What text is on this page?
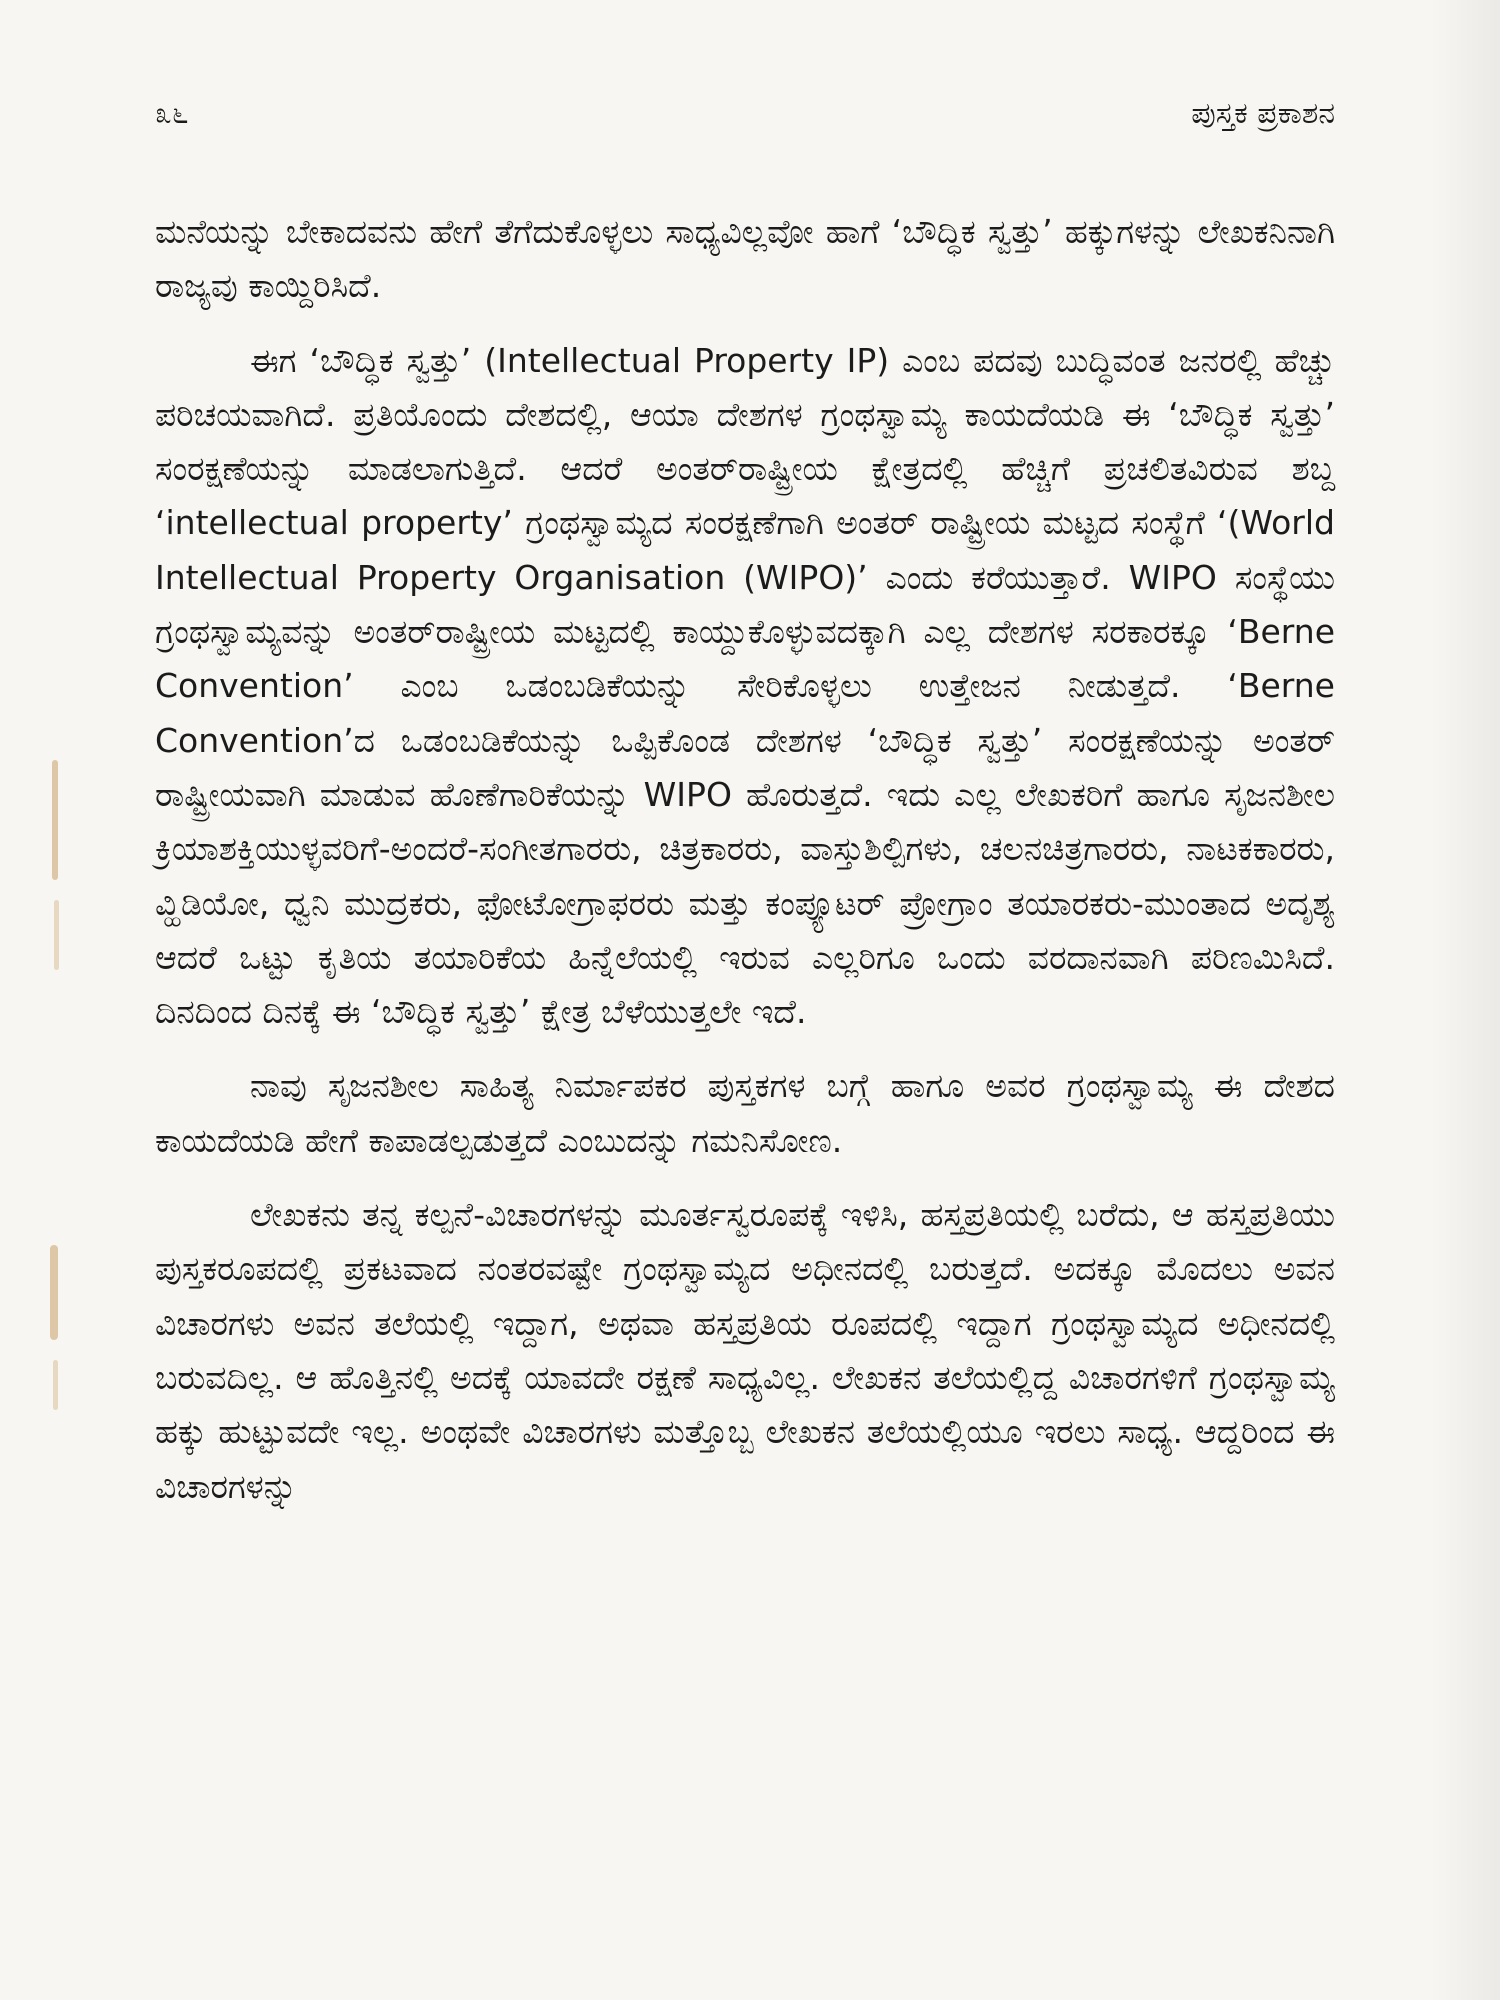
೩೬	ಪುಸ್ತಕ ಪ್ರಕಾಶನ

ಮನೆಯನ್ನು ಬೇಕಾದವನು ಹೇಗೆ ತೆಗೆದುಕೊಳ್ಳಲು ಸಾಧ್ಯವಿಲ್ಲವೋ ಹಾಗೆ ‘ಬೌದ್ಧಿಕ ಸ್ವತ್ತು’ ಹಕ್ಕುಗಳನ್ನು ಲೇಖಕನಿನಾಗಿ ರಾಜ್ಯವು ಕಾಯ್ದಿರಿಸಿದೆ.

ಈಗ ‘ಬೌದ್ಧಿಕ ಸ್ವತ್ತು’ (Intellectual Property IP) ಎಂಬ ಪದವು ಬುದ್ಧಿವಂತ ಜನರಲ್ಲಿ ಹೆಚ್ಚು ಪರಿಚಯವಾಗಿದೆ. ಪ್ರತಿಯೊಂದು ದೇಶದಲ್ಲಿ, ಆಯಾ ದೇಶಗಳ ಗ್ರಂಥಸ್ವಾಮ್ಯ ಕಾಯದೆಯಡಿ ಈ ‘ಬೌದ್ಧಿಕ ಸ್ವತ್ತು’ ಸಂರಕ್ಷಣೆಯನ್ನು ಮಾಡಲಾಗುತ್ತಿದೆ. ಆದರೆ ಅಂತರ್‌ರಾಷ್ಟ್ರೀಯ ಕ್ಷೇತ್ರದಲ್ಲಿ ಹೆಚ್ಚಿಗೆ ಪ್ರಚಲಿತವಿರುವ ಶಬ್ದ ‘intellectual property’ ಗ್ರಂಥಸ್ವಾಮ್ಯದ ಸಂರಕ್ಷಣೆಗಾಗಿ ಅಂತರ್ ರಾಷ್ಟ್ರೀಯ ಮಟ್ಟದ ಸಂಸ್ಥೆಗೆ ‘(World Intellectual Property Organisation (WIPO)’ ಎಂದು ಕರೆಯುತ್ತಾರೆ. WIPO ಸಂಸ್ಥೆಯು ಗ್ರಂಥಸ್ವಾಮ್ಯವನ್ನು ಅಂತರ್‌ರಾಷ್ಟ್ರೀಯ ಮಟ್ಟದಲ್ಲಿ ಕಾಯ್ದುಕೊಳ್ಳುವದಕ್ಕಾಗಿ ಎಲ್ಲ ದೇಶಗಳ ಸರಕಾರಕ್ಕೂ ‘Berne Convention’ ಎಂಬ ಒಡಂಬಡಿಕೆಯನ್ನು ಸೇರಿಕೊಳ್ಳಲು ಉತ್ತೇಜನ ನೀಡುತ್ತದೆ. ‘Berne Convention’ದ ಒಡಂಬಡಿಕೆಯನ್ನು ಒಪ್ಪಿಕೊಂಡ ದೇಶಗಳ ‘ಬೌದ್ಧಿಕ ಸ್ವತ್ತು’ ಸಂರಕ್ಷಣೆಯನ್ನು ಅಂತರ್ ರಾಷ್ಟ್ರೀಯವಾಗಿ ಮಾಡುವ ಹೊಣೆಗಾರಿಕೆಯನ್ನು WIPO ಹೊರುತ್ತದೆ. ಇದು ಎಲ್ಲ ಲೇಖಕರಿಗೆ ಹಾಗೂ ಸೃಜನಶೀಲ ಕ್ರಿಯಾಶಕ್ತಿಯುಳ್ಳವರಿಗೆ-ಅಂದರೆ-ಸಂಗೀತಗಾರರು, ಚಿತ್ರಕಾರರು, ವಾಸ್ತುಶಿಲ್ಪಿಗಳು, ಚಲನಚಿತ್ರಗಾರರು, ನಾಟಕಕಾರರು, ವ್ಹಿಡಿಯೋ, ಧ್ವನಿ ಮುದ್ರಕರು, ಫೋಟೋಗ್ರಾಫರರು ಮತ್ತು ಕಂಪ್ಯೂಟರ್ ಪ್ರೋಗ್ರಾಂ ತಯಾರಕರು-ಮುಂತಾದ ಅದೃಶ್ಯ ಆದರೆ ಒಟ್ಟು ಕೃತಿಯ ತಯಾರಿಕೆಯ ಹಿನ್ನೆಲೆಯಲ್ಲಿ ಇರುವ ಎಲ್ಲರಿಗೂ ಒಂದು ವರದಾನವಾಗಿ ಪರಿಣಮಿಸಿದೆ. ದಿನದಿಂದ ದಿನಕ್ಕೆ ಈ ‘ಬೌದ್ಧಿಕ ಸ್ವತ್ತು’ ಕ್ಷೇತ್ರ ಬೆಳೆಯುತ್ತಲೇ ಇದೆ.

ನಾವು ಸೃಜನಶೀಲ ಸಾಹಿತ್ಯ ನಿರ್ಮಾಪಕರ ಪುಸ್ತಕಗಳ ಬಗ್ಗೆ ಹಾಗೂ ಅವರ ಗ್ರಂಥಸ್ವಾಮ್ಯ ಈ ದೇಶದ ಕಾಯದೆಯಡಿ ಹೇಗೆ ಕಾಪಾಡಲ್ಪಡುತ್ತದೆ ಎಂಬುದನ್ನು ಗಮನಿಸೋಣ.

ಲೇಖಕನು ತನ್ನ ಕಲ್ಪನೆ-ವಿಚಾರಗಳನ್ನು ಮೂರ್ತಸ್ವರೂಪಕ್ಕೆ ಇಳಿಸಿ, ಹಸ್ತಪ್ರತಿಯಲ್ಲಿ ಬರೆದು, ಆ ಹಸ್ತಪ್ರತಿಯು ಪುಸ್ತಕರೂಪದಲ್ಲಿ ಪ್ರಕಟವಾದ ನಂತರವಷ್ಟೇ ಗ್ರಂಥಸ್ವಾಮ್ಯದ ಅಧೀನದಲ್ಲಿ ಬರುತ್ತದೆ. ಅದಕ್ಕೂ ಮೊದಲು ಅವನ ವಿಚಾರಗಳು ಅವನ ತಲೆಯಲ್ಲಿ ಇದ್ದಾಗ, ಅಥವಾ ಹಸ್ತಪ್ರತಿಯ ರೂಪದಲ್ಲಿ ಇದ್ದಾಗ ಗ್ರಂಥಸ್ವಾಮ್ಯದ ಅಧೀನದಲ್ಲಿ ಬರುವದಿಲ್ಲ. ಆ ಹೊತ್ತಿನಲ್ಲಿ ಅದಕ್ಕೆ ಯಾವದೇ ರಕ್ಷಣೆ ಸಾಧ್ಯವಿಲ್ಲ. ಲೇಖಕನ ತಲೆಯಲ್ಲಿದ್ದ ವಿಚಾರಗಳಿಗೆ ಗ್ರಂಥಸ್ವಾಮ್ಯ ಹಕ್ಕು ಹುಟ್ಟುವದೇ ಇಲ್ಲ. ಅಂಥವೇ ವಿಚಾರಗಳು ಮತ್ತೊಬ್ಬ ಲೇಖಕನ ತಲೆಯಲ್ಲಿಯೂ ಇರಲು ಸಾಧ್ಯ. ಆದ್ದರಿಂದ ಈ ವಿಚಾರಗಳನ್ನು
